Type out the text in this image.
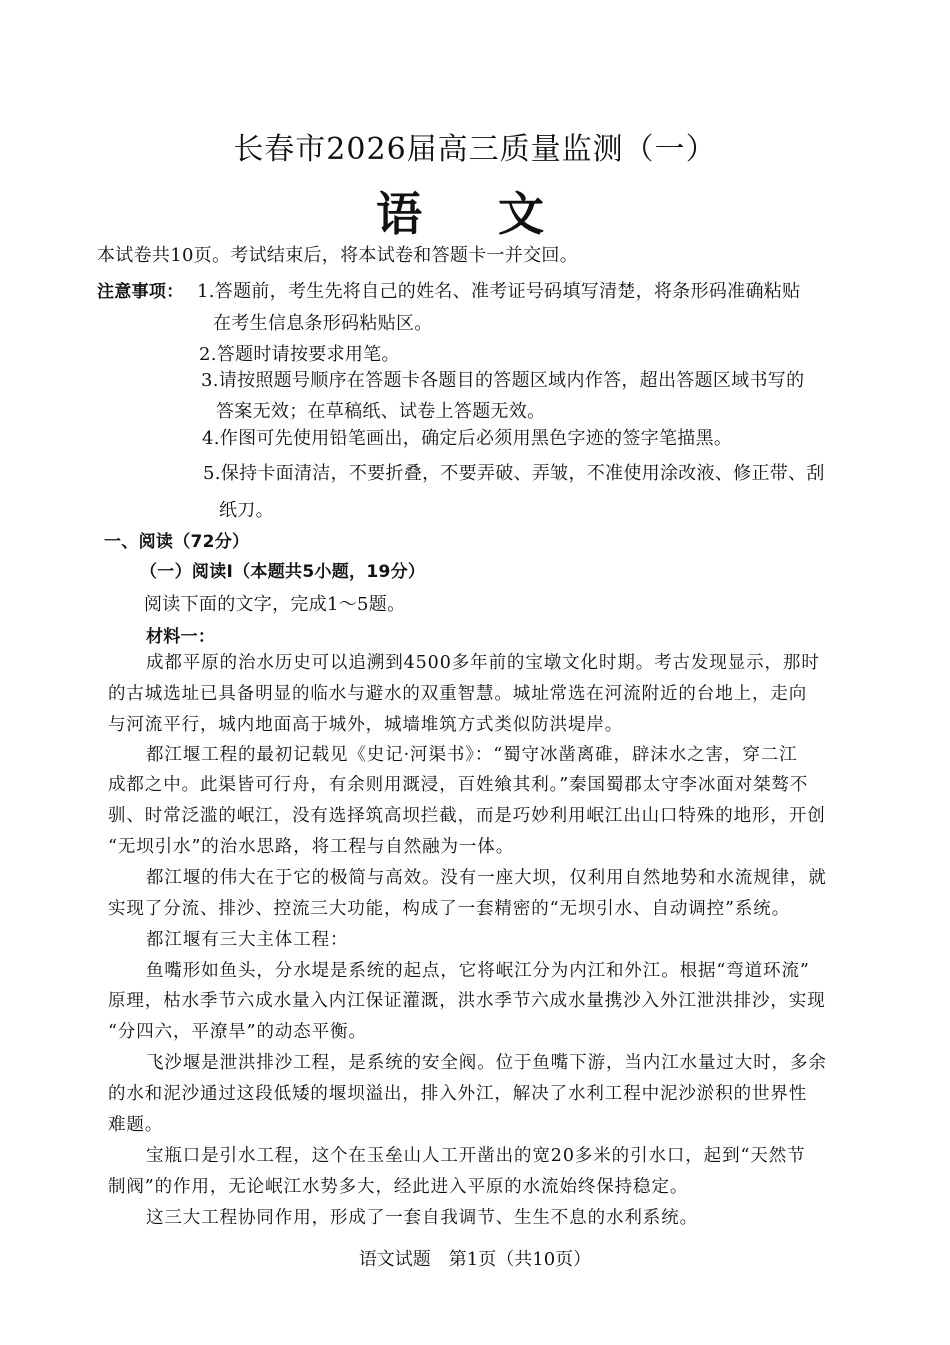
长春市2026届高三质量监测（一）
语 文
本试卷共10页。考试结束后，将本试卷和答题卡一并交回。
注意事项： 1.答题前，考生先将自己的姓名、准考证号码填写清楚，将条形码准确粘贴
在考生信息条形码粘贴区。
2.答题时请按要求用笔。
3.请按照题号顺序在答题卡各题目的答题区域内作答，超出答题区域书写的
答案无效；在草稿纸、试卷上答题无效。
4.作图可先使用铅笔画出，确定后必须用黑色字迹的签字笔描黑。
5.保持卡面清洁，不要折叠，不要弄破、弄皱，不准使用涂改液、修正带、刮
纸刀。
一、阅读（72分）
（一）阅读Ⅰ（本题共5小题，19分）
阅读下面的文字，完成1～5题。
材料一：
成都平原的治水历史可以追溯到4500多年前的宝墩文化时期。考古发现显示，那时
的古城选址已具备明显的临水与避水的双重智慧。城址常选在河流附近的台地上，走向
与河流平行，城内地面高于城外，城墙堆筑方式类似防洪堤岸。
都江堰工程的最初记载见《史记·河渠书》：“蜀守冰凿离碓，辟沫水之害，穿二江
成都之中。此渠皆可行舟，有余则用溉浸，百姓飨其利。”秦国蜀郡太守李冰面对桀骜不
驯、时常泛滥的岷江，没有选择筑高坝拦截，而是巧妙利用岷江出山口特殊的地形，开创
“无坝引水”的治水思路，将工程与自然融为一体。
都江堰的伟大在于它的极简与高效。没有一座大坝，仅利用自然地势和水流规律，就
实现了分流、排沙、控流三大功能，构成了一套精密的“无坝引水、自动调控”系统。
都江堰有三大主体工程：
鱼嘴形如鱼头，分水堤是系统的起点，它将岷江分为内江和外江。根据“弯道环流”
原理，枯水季节六成水量入内江保证灌溉，洪水季节六成水量携沙入外江泄洪排沙，实现
“分四六，平潦旱”的动态平衡。
飞沙堰是泄洪排沙工程，是系统的安全阀。位于鱼嘴下游，当内江水量过大时，多余
的水和泥沙通过这段低矮的堰坝溢出，排入外江，解决了水利工程中泥沙淤积的世界性
难题。
宝瓶口是引水工程，这个在玉垒山人工开凿出的宽20多米的引水口，起到“天然节
制阀”的作用，无论岷江水势多大，经此进入平原的水流始终保持稳定。
这三大工程协同作用，形成了一套自我调节、生生不息的水利系统。
语文试题　第1页（共10页）
